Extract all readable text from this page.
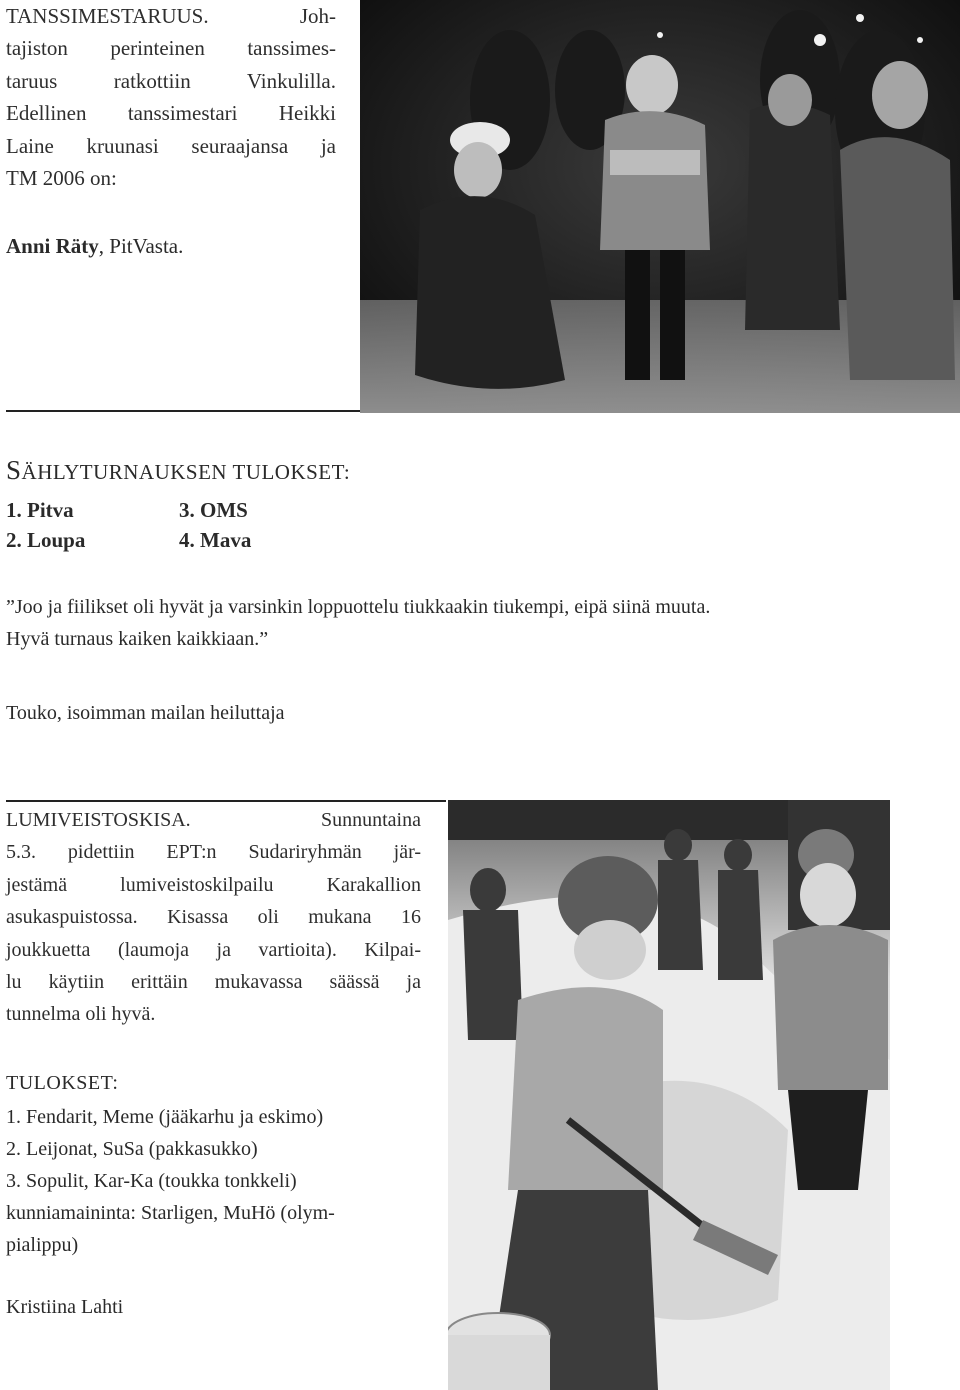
TANSSIMESTARUUS. Joh-
tajiston perinteinen tanssimes-
taruus ratkottiin Vinkulilla.
Edellinen tanssimestari Heikki
Laine kruunasi seuraajansa ja
TM 2006 on:
Anni Räty, PitVasta.
SÄHLYTURNAUKSEN TULOKSET:
1. Pitva
2. Loupa
3. OMS
4. Mava
”Joo ja fiilikset oli hyvät ja varsinkin loppuottelu tiukkaakin tiukempi, eipä siinä muuta.
Hyvä turnaus kaiken kaikkiaan.”
Touko, isoimman mailan heiluttaja
LUMIVEISTOSKISA. Sunnuntaina
5.3. pidettiin EPT:n Sudariryhmän jär-
jestämä lumiveistoskilpailu Karakallion
asukaspuistossa. Kisassa oli mukana 16
joukkuetta (laumoja ja vartioita). Kilpai-
lu käytiin erittäin mukavassa säässä ja
tunnelma oli hyvä.
TULOKSET:
1. Fendarit, Meme (jääkarhu ja eskimo)
2. Leijonat, SuSa (pakkasukko)
3. Sopulit, Kar-Ka (toukka tonkkeli)
kunniamaininta: Starligen, MuHö (olym-
pialippu)
Kristiina Lahti
